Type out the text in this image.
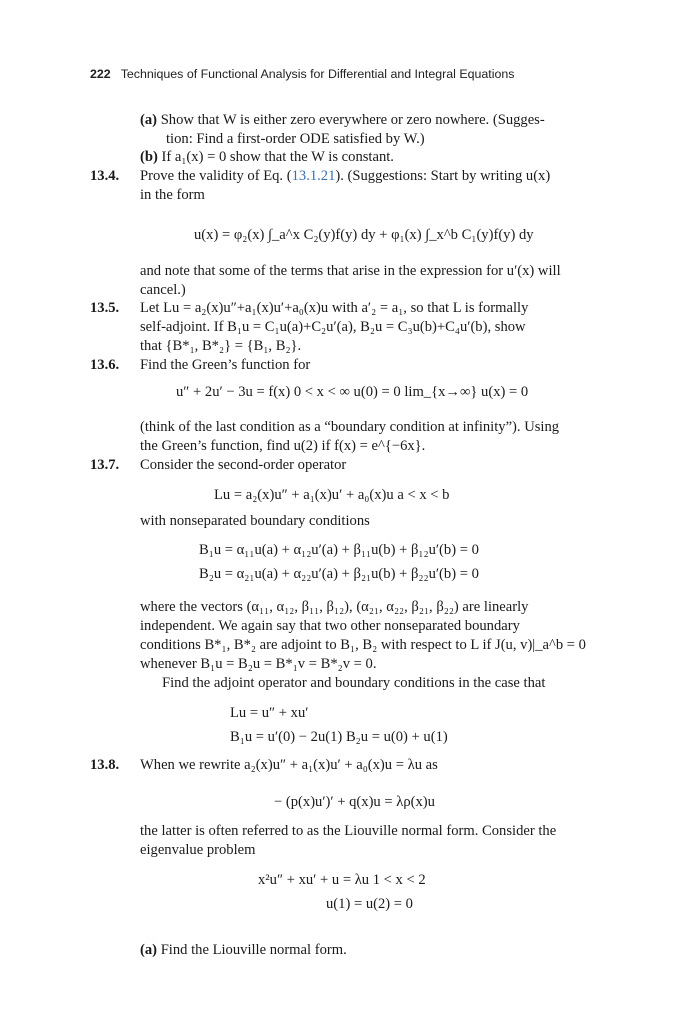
222 Techniques of Functional Analysis for Differential and Integral Equations
(a) Show that W is either zero everywhere or zero nowhere. (Sugges-
tion: Find a first-order ODE satisfied by W.)
(b) If a₁(x) = 0 show that the W is constant.
13.4. Prove the validity of Eq. (13.1.21). (Suggestions: Start by writing u(x)
in the form
u(x) = φ₂(x) ∫_a^x C₂(y)f(y) dy + φ₁(x) ∫_x^b C₁(y)f(y) dy
and note that some of the terms that arise in the expression for u′(x) will
cancel.)
13.5. Let Lu = a₂(x)u″+a₁(x)u′+a₀(x)u with a′₂ = a₁, so that L is formally
self-adjoint. If B₁u = C₁u(a)+C₂u′(a), B₂u = C₃u(b)+C₄u′(b), show
that {B*₁, B*₂} = {B₁, B₂}.
13.6. Find the Green’s function for
u″ + 2u′ − 3u = f(x) 0 < x < ∞ u(0) = 0 lim_{x→∞} u(x) = 0
(think of the last condition as a “boundary condition at infinity”). Using
the Green’s function, find u(2) if f(x) = e^{−6x}.
13.7. Consider the second-order operator
Lu = a₂(x)u″ + a₁(x)u′ + a₀(x)u a < x < b
with nonseparated boundary conditions
B₁u = α₁₁u(a) + α₁₂u′(a) + β₁₁u(b) + β₁₂u′(b) = 0
B₂u = α₂₁u(a) + α₂₂u′(a) + β₂₁u(b) + β₂₂u′(b) = 0
where the vectors (α₁₁, α₁₂, β₁₁, β₁₂), (α₂₁, α₂₂, β₂₁, β₂₂) are linearly
independent. We again say that two other nonseparated boundary
conditions B*₁, B*₂ are adjoint to B₁, B₂ with respect to L if J(u, v)|_a^b = 0
whenever B₁u = B₂u = B*₁v = B*₂v = 0.
Find the adjoint operator and boundary conditions in the case that
Lu = u″ + xu′
B₁u = u′(0) − 2u(1) B₂u = u(0) + u(1)
13.8. When we rewrite a₂(x)u″ + a₁(x)u′ + a₀(x)u = λu as
− (p(x)u′)′ + q(x)u = λρ(x)u
the latter is often referred to as the Liouville normal form. Consider the
eigenvalue problem
x²u″ + xu′ + u = λu 1 < x < 2
u(1) = u(2) = 0
(a) Find the Liouville normal form.
